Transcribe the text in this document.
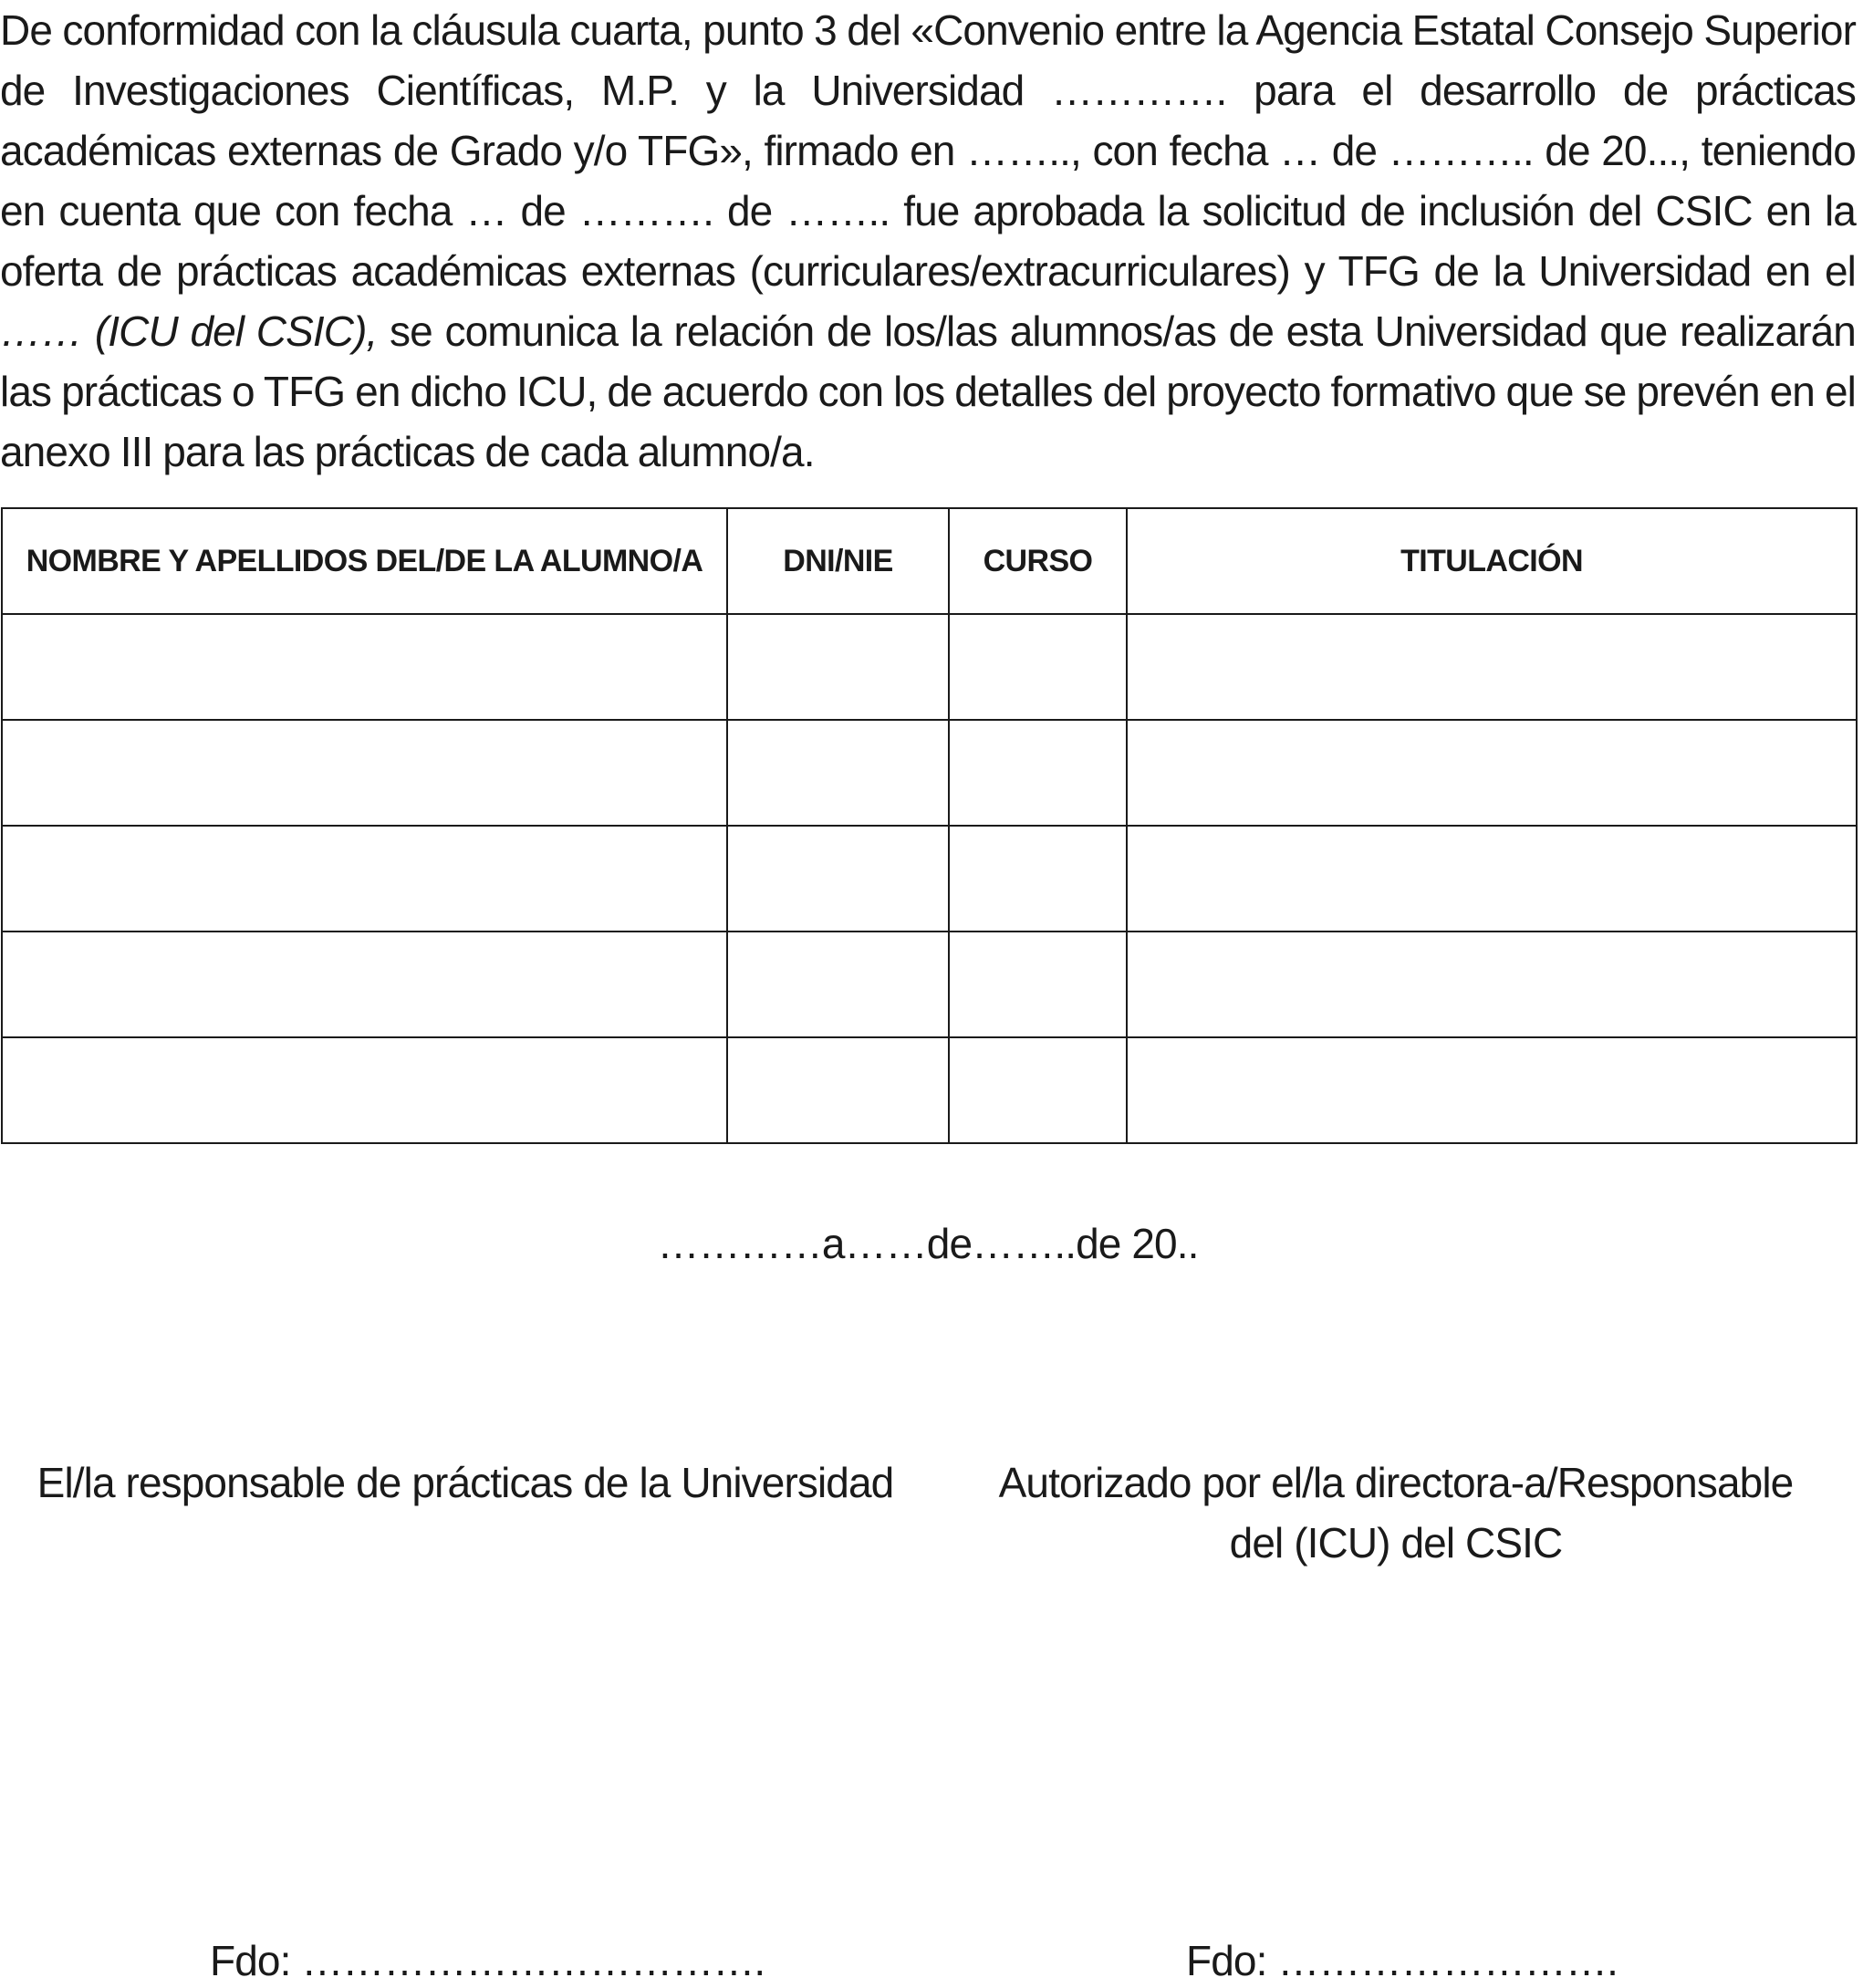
De conformidad con la cláusula cuarta, punto 3 del «Convenio entre la Agencia Estatal Consejo Superior de Investigaciones Científicas, M.P. y la Universidad …………. para el desarrollo de prácticas académicas externas de Grado y/o TFG», firmado en …….., con fecha … de ……….. de 20..., teniendo en cuenta que con fecha … de ………. de …….. fue aprobada la solicitud de inclusión del CSIC en la oferta de prácticas académicas externas (curriculares/extracurriculares) y TFG de la Universidad en el …… (ICU del CSIC), se comunica la relación de los/las alumnos/as de esta Universidad que realizarán las prácticas o TFG en dicho ICU, de acuerdo con los detalles del proyecto formativo que se prevén en el anexo III para las prácticas de cada alumno/a.

NOMBRE Y APELLIDOS DEL/DE LA ALUMNO/A	DNI/NIE	CURSO	TITULACIÓN

…………a……de……..de 20..
El/la responsable de prácticas de la Universidad	Autorizado por el/la directora-a/Responsable del (ICU) del CSIC
Fdo: …………………………….	Fdo: …………………….
